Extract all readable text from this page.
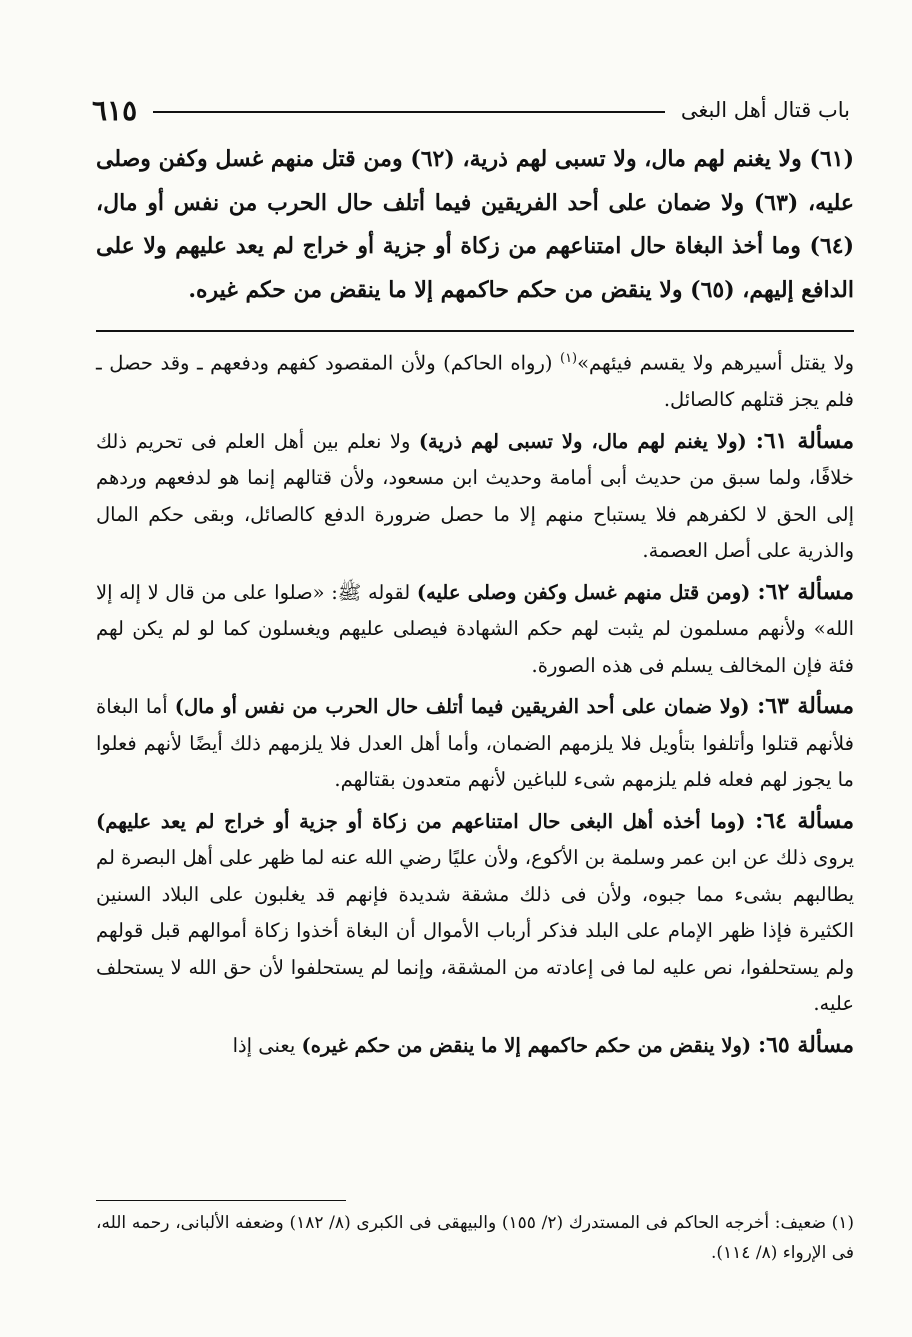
باب قتال أهل البغى
٦١٥

(٦١) ولا يغنم لهم مال، ولا تسبى لهم ذرية، (٦٢) ومن قتل منهم غسل وكفن وصلى عليه، (٦٣) ولا ضمان على أحد الفريقين فيما أتلف حال الحرب من نفس أو مال، (٦٤) وما أخذ البغاة حال امتناعهم من زكاة أو جزية أو خراج لم يعد عليهم ولا على الدافع إليهم، (٦٥) ولا ينقض من حكم حاكمهم إلا ما ينقض من حكم غيره.

ولا يقتل أسيرهم ولا يقسم فيئهم»$^{(١)}$ (رواه الحاكم) ولأن المقصود كفهم ودفعهم ـ وقد حصل ـ فلم يجز قتلهم كالصائل.

مسألة ٦١: (ولا يغنم لهم مال، ولا تسبى لهم ذرية) ولا نعلم بين أهل العلم فى تحريم ذلك خلافًا، ولما سبق من حديث أبى أمامة وحديث ابن مسعود، ولأن قتالهم إنما هو لدفعهم وردهم إلى الحق لا لكفرهم فلا يستباح منهم إلا ما حصل ضرورة الدفع كالصائل، وبقى حكم المال والذرية على أصل العصمة.

مسألة ٦٢: (ومن قتل منهم غسل وكفن وصلى عليه) لقوله ﷺ: «صلوا على من قال لا إله إلا الله» ولأنهم مسلمون لم يثبت لهم حكم الشهادة فيصلى عليهم ويغسلون كما لو لم يكن لهم فئة فإن المخالف يسلم فى هذه الصورة.

مسألة ٦٣: (ولا ضمان على أحد الفريقين فيما أتلف حال الحرب من نفس أو مال) أما البغاة فلأنهم قتلوا وأتلفوا بتأويل فلا يلزمهم الضمان، وأما أهل العدل فلا يلزمهم ذلك أيضًا لأنهم فعلوا ما يجوز لهم فعله فلم يلزمهم شىء للباغين لأنهم متعدون بقتالهم.

مسألة ٦٤: (وما أخذه أهل البغى حال امتناعهم من زكاة أو جزية أو خراج لم يعد عليهم) يروى ذلك عن ابن عمر وسلمة بن الأكوع، ولأن عليًا رضي الله عنه لما ظهر على أهل البصرة لم يطالبهم بشىء مما جبوه، ولأن فى ذلك مشقة شديدة فإنهم قد يغلبون على البلاد السنين الكثيرة فإذا ظهر الإمام على البلد فذكر أرباب الأموال أن البغاة أخذوا زكاة أموالهم قبل قولهم ولم يستحلفوا، نص عليه لما فى إعادته من المشقة، وإنما لم يستحلفوا لأن حق الله لا يستحلف عليه.

مسألة ٦٥: (ولا ينقض من حكم حاكمهم إلا ما ينقض من حكم غيره) يعنى إذا

(١) ضعيف: أخرجه الحاكم فى المستدرك (٢/ ١٥٥) والبيهقى فى الكبرى (٨/ ١٨٢) وضعفه الألبانى، رحمه الله، فى الإرواء (٨/ ١١٤).
